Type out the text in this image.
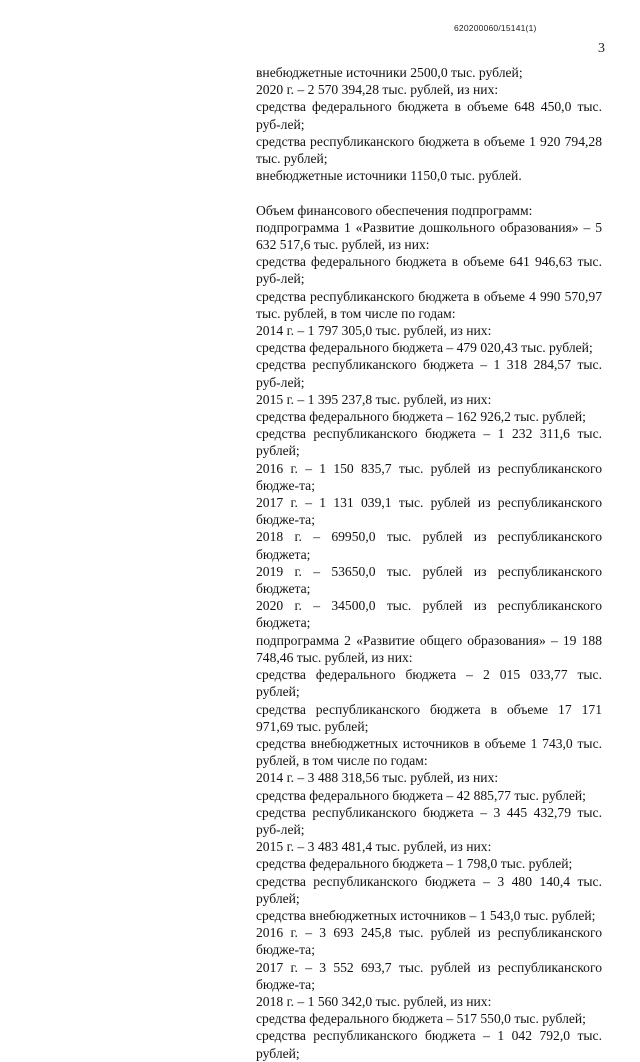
620200060/15141(1)
3

внебюджетные источники 2500,0 тыс. рублей;

2020 г. – 2 570 394,28 тыс. рублей, из них:

средства федерального бюджета в объеме 648 450,0 тыс. руб-лей;

средства республиканского бюджета в объеме 1 920 794,28 тыс. рублей;

внебюджетные источники 1150,0 тыс. рублей.

Объем финансового обеспечения подпрограмм:

подпрограмма 1 «Развитие дошкольного образования» – 5 632 517,6 тыс. рублей, из них:

средства федерального бюджета в объеме 641 946,63 тыс. руб-лей;

средства республиканского бюджета в объеме 4 990 570,97 тыс. рублей, в том числе по годам:

2014 г. – 1 797 305,0 тыс. рублей, из них:

средства федерального бюджета – 479 020,43 тыс. рублей;

средства республиканского бюджета – 1 318 284,57 тыс. руб-лей;

2015 г. – 1 395 237,8 тыс. рублей, из них:

средства федерального бюджета – 162 926,2 тыс. рублей;

средства республиканского бюджета – 1 232 311,6 тыс. рублей;

2016 г. – 1 150 835,7 тыс. рублей из республиканского бюдже-та;

2017 г. – 1 131 039,1 тыс. рублей из республиканского бюдже-та;

2018 г. – 69950,0 тыс. рублей из республиканского бюджета;

2019 г. – 53650,0 тыс. рублей из республиканского бюджета;

2020 г. – 34500,0 тыс. рублей из республиканского бюджета;

подпрограмма 2 «Развитие общего образования» – 19 188 748,46 тыс. рублей, из них:

средства федерального бюджета – 2 015 033,77 тыс. рублей;

средства республиканского бюджета в объеме 17 171 971,69 тыс. рублей;

средства внебюджетных источников в объеме 1 743,0 тыс. рублей, в том числе по годам:

2014 г. – 3 488 318,56 тыс. рублей, из них:

средства федерального бюджета – 42 885,77 тыс. рублей;

средства республиканского бюджета – 3 445 432,79 тыс. руб-лей;

2015 г. – 3 483 481,4 тыс. рублей, из них:

средства федерального бюджета – 1 798,0 тыс. рублей;

средства республиканского бюджета – 3 480 140,4 тыс. рублей;

средства внебюджетных источников – 1 543,0 тыс. рублей;

2016 г. – 3 693 245,8 тыс. рублей из республиканского бюдже-та;

2017 г. – 3 552 693,7 тыс. рублей из республиканского бюдже-та;

2018 г. – 1 560 342,0 тыс. рублей, из них:

средства федерального бюджета – 517 550,0 тыс. рублей;

средства республиканского бюджета – 1 042 792,0 тыс. рублей;
